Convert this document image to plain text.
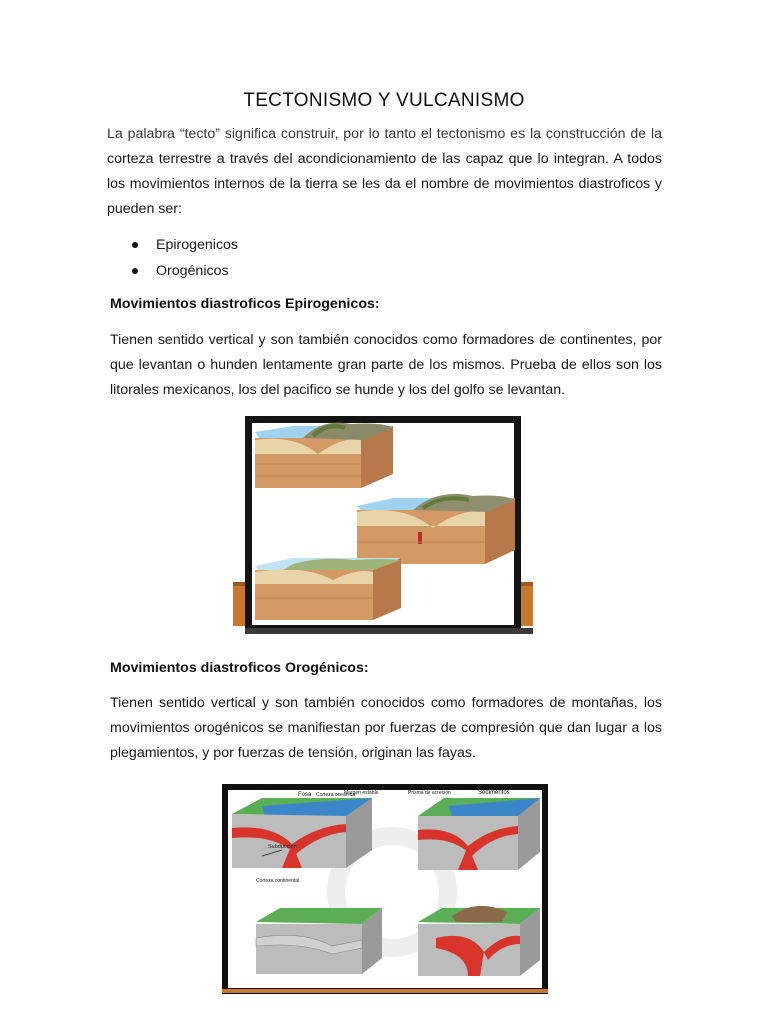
TECTONISMO Y VULCANISMO
La palabra “tecto” significa construir, por lo tanto el tectonismo es la construcción de la corteza terrestre a través del acondicionamiento de las capaz que lo integran. A todos los movimientos internos de la tierra se les da el nombre de movimientos diastroficos y pueden ser:
Epirogenicos
Orogénicos
Movimientos diastroficos Epirogenicos:
Tienen sentido vertical y son también conocidos como formadores de continentes, por que levantan o hunden lentamente gran parte de los mismos. Prueba de ellos son los litorales mexicanos, los del pacifico se hunde y los del golfo se levantan.
Movimientos diastroficos Orogénicos:
Tienen sentido vertical y son también conocidos como formadores de montañas, los movimientos orogénicos se manifiestan por fuerzas de compresión que dan lugar a los plegamientos, y por fuerzas de tensión, originan las fayas.
Fosa Corteza oceánica
Margen estable	Prisma de acreción	Sedimentos
Subducción
Corteza continental
